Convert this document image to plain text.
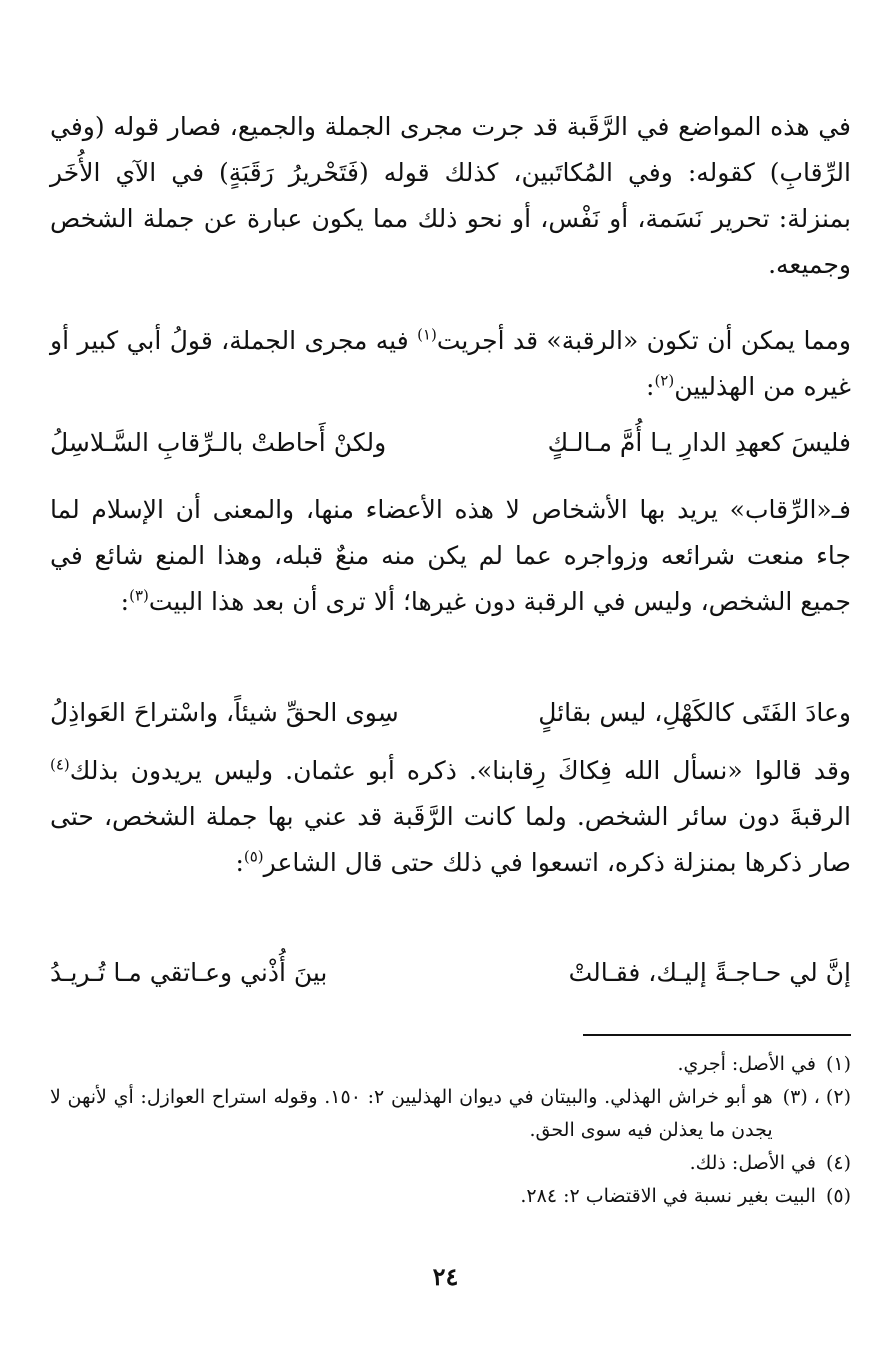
في هذه المواضع في الرَّقَبة قد جرت مجرى الجملة والجميع، فصار قوله (وفي الرِّقابِ) كقوله: وفي المُكاتَبين، كذلك قوله (فَتَحْريرُ رَقَبَةٍ) في الآي الأُخَر بمنزلة: تحرير نَسَمة، أو نَفْس، أو نحو ذلك مما يكون عبارة عن جملة الشخص وجميعه.

ومما يمكن أن تكون «الرقبة» قد أجريت$^{(١)}$ فيه مجرى الجملة، قولُ أبي كبير أو غيره من الهذليين$^{(٢)}$:

فليسَ كعهدِ الدارِ يـا أُمَّ مـالـكٍ
ولكنْ أَحاطتْ بالـرِّقابِ السَّـلاسِلُ

فـ«الرِّقاب» يريد بها الأشخاص لا هذه الأعضاء منها، والمعنى أن الإسلام لما جاء منعت شرائعه وزواجره عما لم يكن منه منعٌ قبله، وهذا المنع شائع في جميع الشخص، وليس في الرقبة دون غيرها؛ ألا ترى أن بعد هذا البيت$^{(٣)}$:

وعادَ الفَتَى كالكَهْلِ، ليس بقائلٍ
سِوى الحقِّ شيئاً، واسْتراحَ العَواذِلُ

وقد قالوا «نسأل الله فِكاكَ رِقابنا». ذكره أبو عثمان. وليس يريدون بذلك$^{(٤)}$ الرقبةَ دون سائر الشخص. ولما كانت الرَّقَبة قد عني بها جملة الشخص، حتى صار ذكرها بمنزلة ذكره، اتسعوا في ذلك حتى قال الشاعر$^{(٥)}$:

إنَّ لي حـاجـةً إليـك، فقـالتْ
بينَ أُذْني وعـاتقي مـا تُـريـدُ

(١)
في الأصل: أجري.

(٢) ، (٣)
هو أبو خراش الهذلي. والبيتان في ديوان الهذليين ٢: ١٥٠. وقوله استراح العوازل: أي لأنهن لا يجدن ما يعذلن فيه سوى الحق.

(٤)
في الأصل: ذلك.

(٥)
البيت بغير نسبة في الاقتضاب ٢: ٢٨٤.

٢٤
